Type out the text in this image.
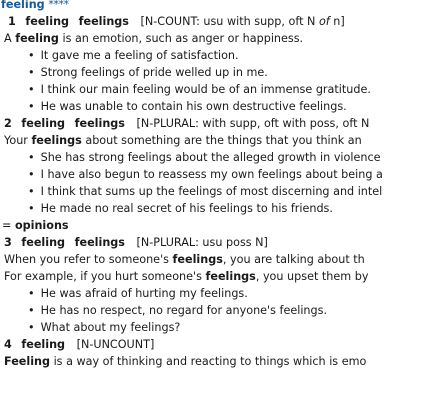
feeling ****
1 feeling feelings [N-COUNT: usu with supp, oft N of n]
A feeling is an emotion, such as anger or happiness.
• It gave me a feeling of satisfaction.
• Strong feelings of pride welled up in me.
• I think our main feeling would be of an immense gratitude.
• He was unable to contain his own destructive feelings.
2 feeling feelings [N-PLURAL: with supp, oft with poss, oft N
Your feelings about something are the things that you think an
• She has strong feelings about the alleged growth in violence
• I have also begun to reassess my own feelings about being a
• I think that sums up the feelings of most discerning and intel
• He made no real secret of his feelings to his friends.
= opinions
3 feeling feelings [N-PLURAL: usu poss N]
When you refer to someone's feelings, you are talking about th
For example, if you hurt someone's feelings, you upset them by
• He was afraid of hurting my feelings.
• He has no respect, no regard for anyone's feelings.
• What about my feelings?
4 feeling [N-UNCOUNT]
Feeling is a way of thinking and reacting to things which is emo
